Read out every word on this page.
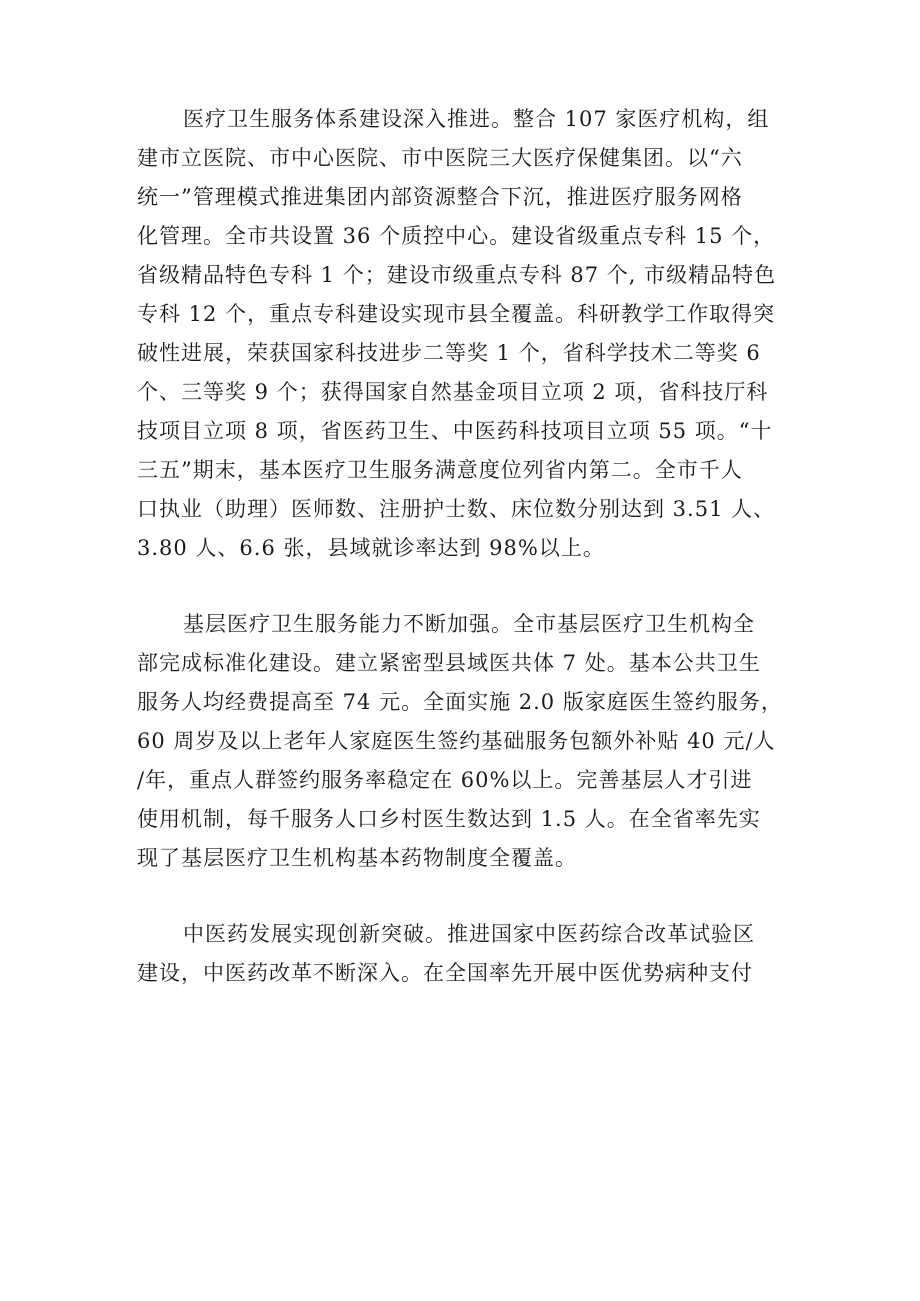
医疗卫生服务体系建设深入推进。整合 107 家医疗机构，组
建市立医院、市中心医院、市中医院三大医疗保健集团。以“六
统一”管理模式推进集团内部资源整合下沉，推进医疗服务网格
化管理。全市共设置 36 个质控中心。建设省级重点专科 15 个，
省级精品特色专科 1 个；建设市级重点专科 87 个, 市级精品特色
专科 12 个，重点专科建设实现市县全覆盖。科研教学工作取得突
破性进展，荣获国家科技进步二等奖 1 个，省科学技术二等奖 6
个、三等奖 9 个；获得国家自然基金项目立项 2 项，省科技厅科
技项目立项 8 项，省医药卫生、中医药科技项目立项 55 项。“十
三五”期末，基本医疗卫生服务满意度位列省内第二。全市千人
口执业（助理）医师数、注册护士数、床位数分别达到 3.51 人、
3.80 人、6.6 张，县域就诊率达到 98%以上。
基层医疗卫生服务能力不断加强。全市基层医疗卫生机构全
部完成标准化建设。建立紧密型县域医共体 7 处。基本公共卫生
服务人均经费提高至 74 元。全面实施 2.0 版家庭医生签约服务，
60 周岁及以上老年人家庭医生签约基础服务包额外补贴 40 元/人
/年，重点人群签约服务率稳定在 60%以上。完善基层人才引进
使用机制，每千服务人口乡村医生数达到 1.5 人。在全省率先实
现了基层医疗卫生机构基本药物制度全覆盖。
中医药发展实现创新突破。推进国家中医药综合改革试验区
建设，中医药改革不断深入。在全国率先开展中医优势病种支付
